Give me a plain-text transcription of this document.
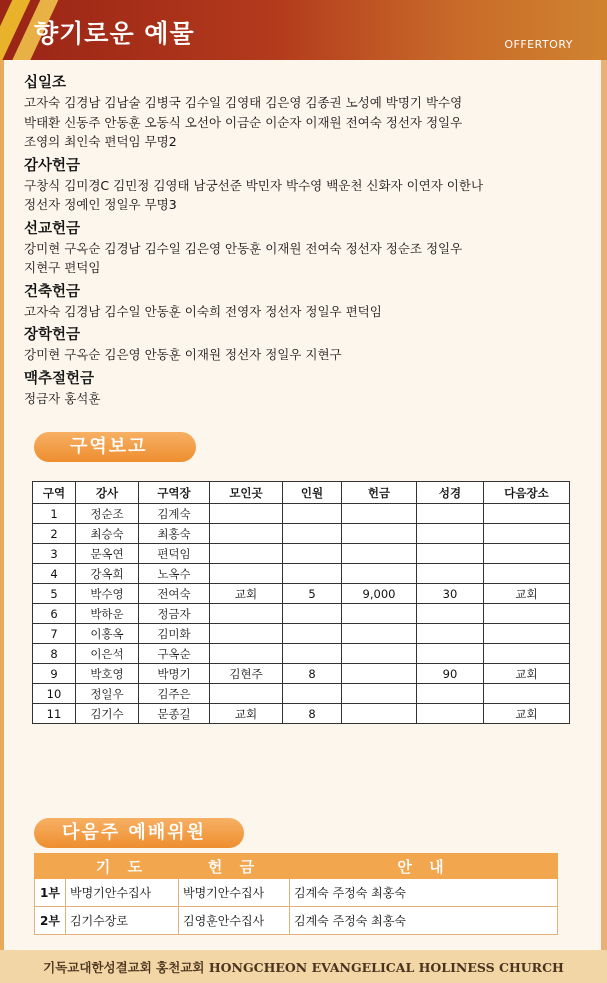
향기로운 예물	OFFERTORY

십일조

고자숙 김경남 김남술 김병국 김수일 김영태 김은영 김종권 노성예 박명기 박수영
박태환 신동주 안동훈 오동식 오선아 이금순 이순자 이재원 전여숙 정선자 정일우
조영의 최인숙 편덕임 무명2

감사헌금

구창식 김미경C 김민정 김영태 남궁선준 박민자 박수영 백운천 신화자 이연자 이한나
정선자 정예인 정일우 무명3

선교헌금

강미현 구옥순 김경남 김수일 김은영 안동훈 이재원 전여숙 정선자 정순조 정일우
지현구 편덕임

건축헌금

고자숙 김경남 김수일 안동훈 이숙희 전영자 정선자 정일우 편덕임

장학헌금

강미현 구옥순 김은영 안동훈 이재원 정선자 정일우 지현구

맥추절헌금

정금자 홍석훈

구역보고
구역	강사	구역장	모인곳	인원	헌금	성경	다음장소
1	정순조	김계숙					
2	최승숙	최홍숙					
3	문옥연	편덕임					
4	강옥희	노옥수					
5	박수영	전여숙	교회	5	9,000	30	교회
6	박하운	정금자					
7	이홍옥	김미화					
8	이은석	구옥순					
9	박호영	박명기	김현주	8		90	교회
10	정일우	김주은					
11	김기수	문종길	교회	8			교회
다음주 예배위원
	기 도	헌 금	안 내
1부	박명기안수집사	박명기안수집사	김계숙 주정숙 최홍숙
2부	김기수장로	김영훈안수집사	김계숙 주정숙 최홍숙
기독교대한성결교회 홍천교회 HONGCHEON EVANGELICAL HOLINESS CHURCH
